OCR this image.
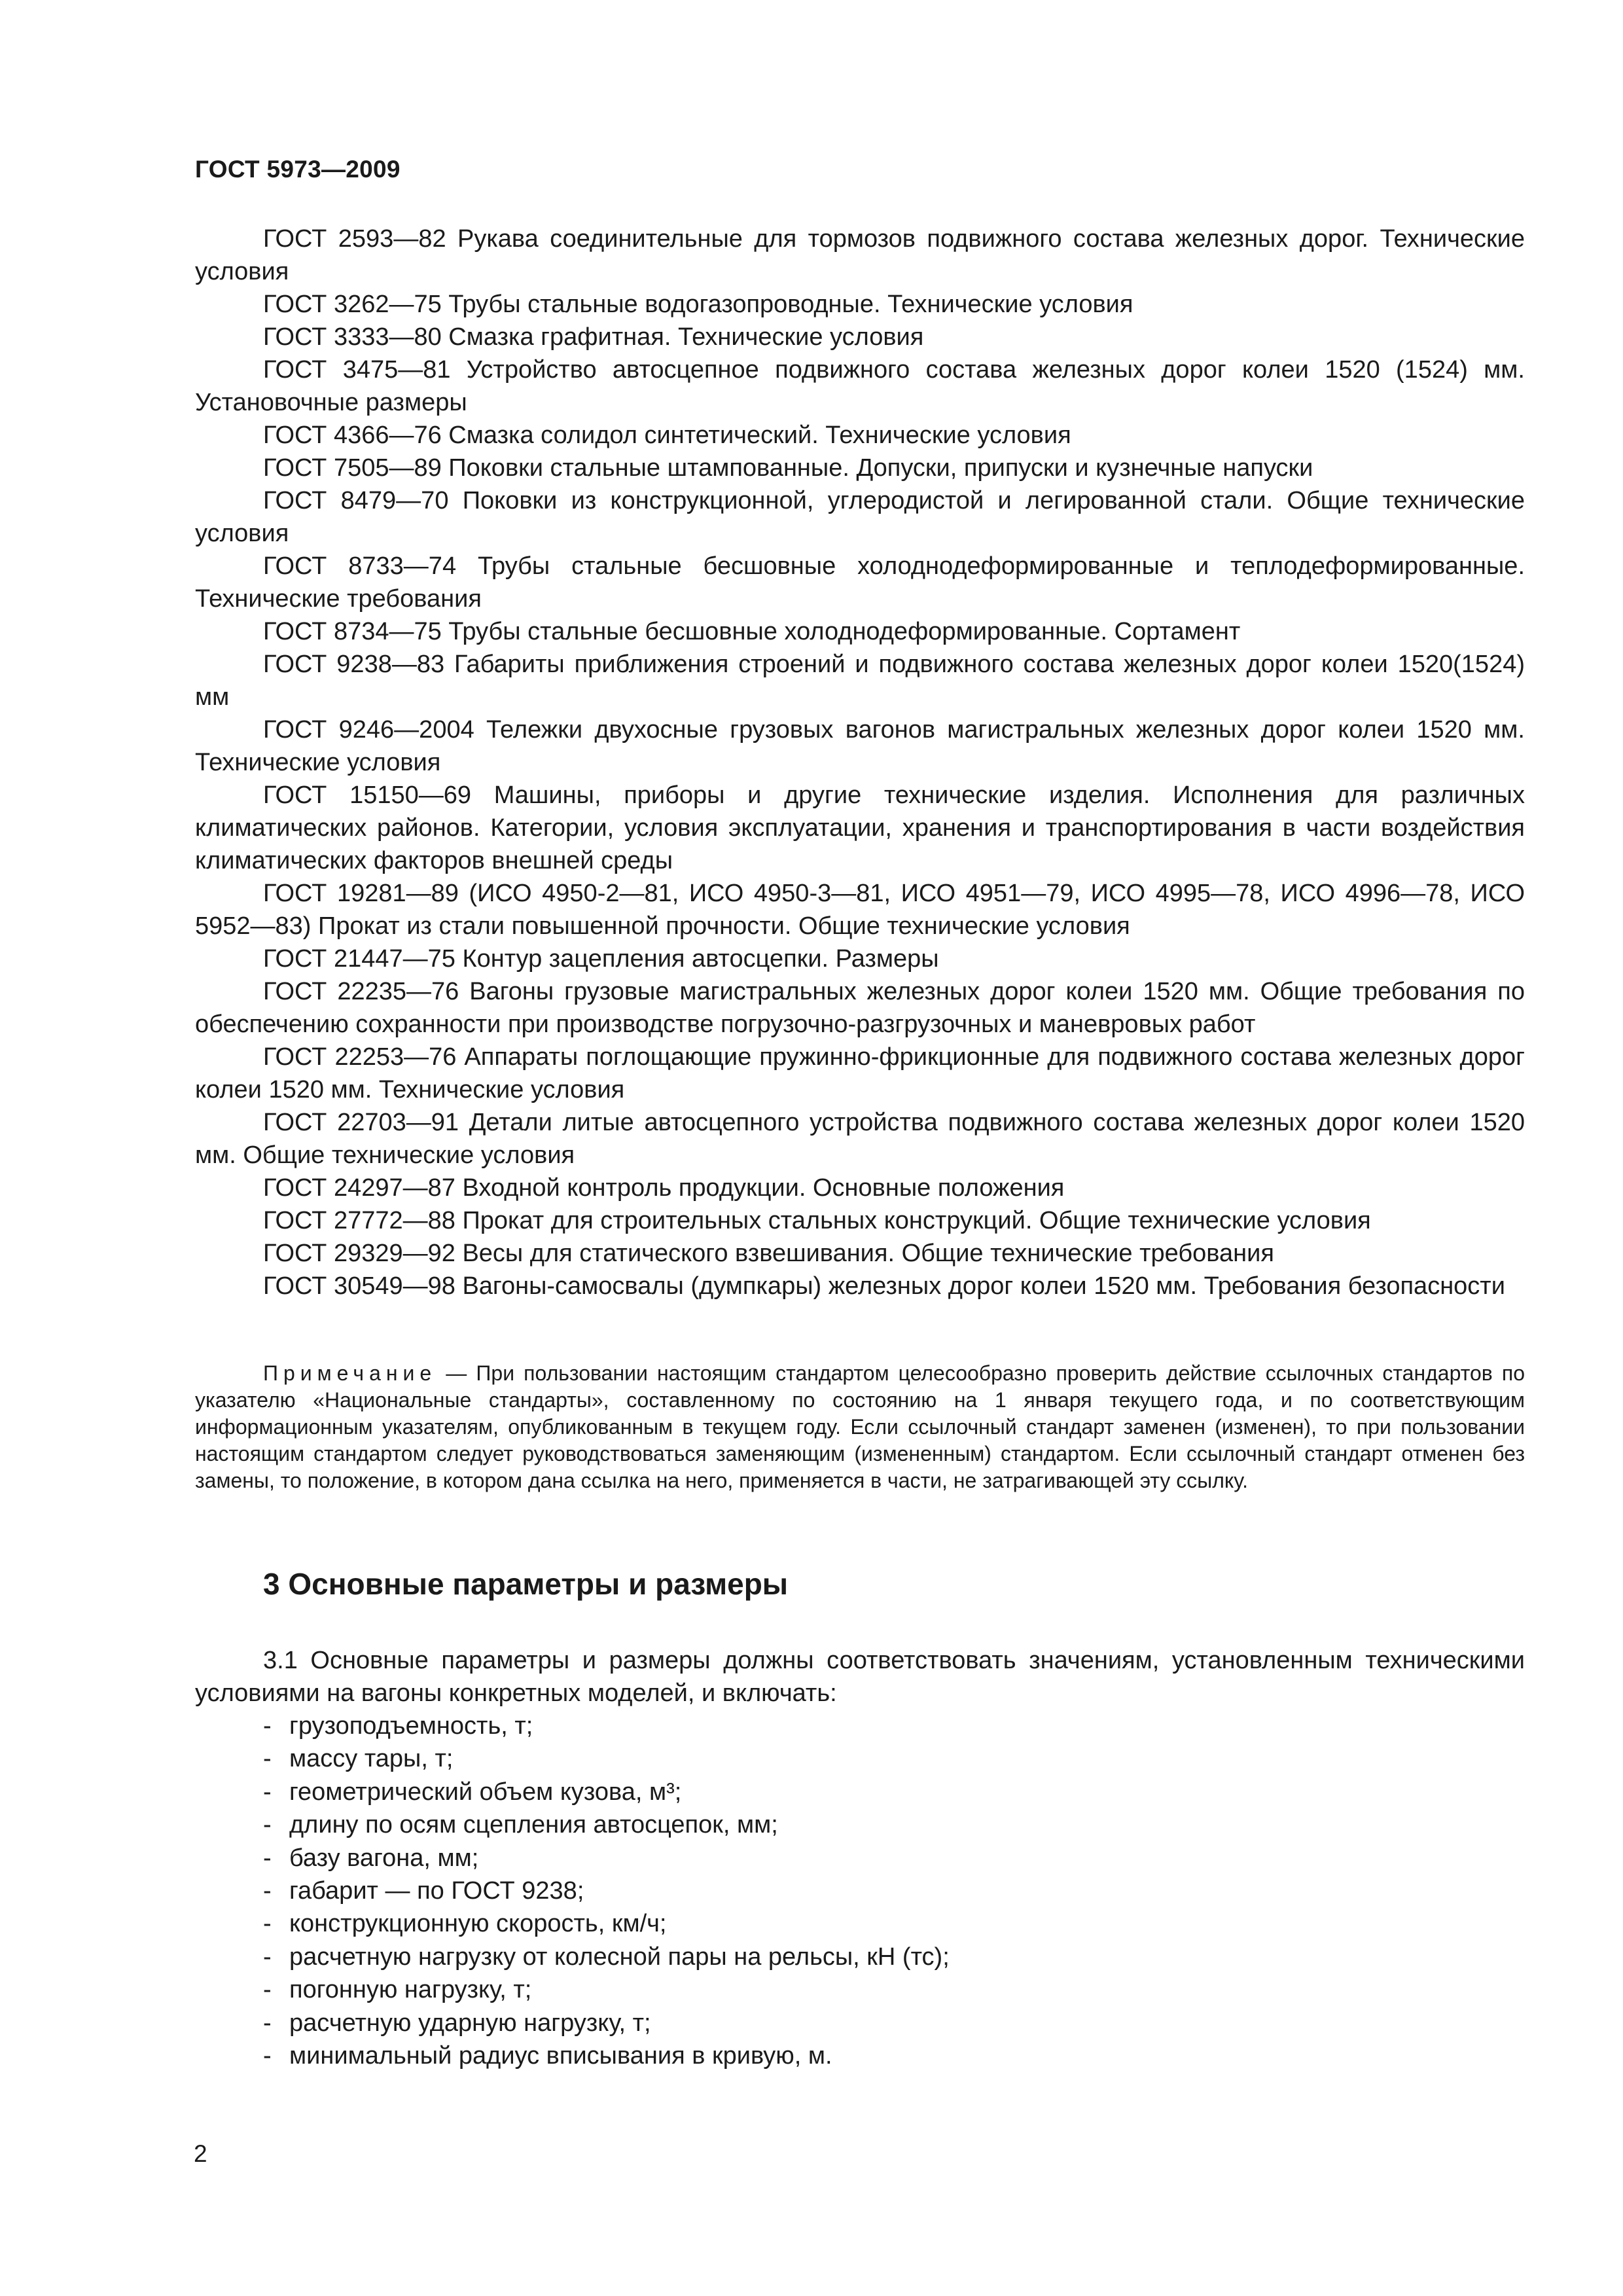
ГОСТ 5973—2009

ГОСТ 2593—82 Рукава соединительные для тормозов подвижного состава железных дорог. Технические условия

ГОСТ 3262—75 Трубы стальные водогазопроводные. Технические условия

ГОСТ 3333—80 Смазка графитная. Технические условия

ГОСТ 3475—81 Устройство автосцепное подвижного состава железных дорог колеи 1520 (1524) мм. Установочные размеры

ГОСТ 4366—76 Смазка солидол синтетический. Технические условия

ГОСТ 7505—89 Поковки стальные штампованные. Допуски, припуски и кузнечные напуски

ГОСТ 8479—70 Поковки из конструкционной, углеродистой и легированной стали. Общие технические условия

ГОСТ 8733—74 Трубы стальные бесшовные холоднодеформированные и теплодеформированные. Технические требования

ГОСТ 8734—75 Трубы стальные бесшовные холоднодеформированные. Сортамент

ГОСТ 9238—83 Габариты приближения строений и подвижного состава железных дорог колеи 1520(1524) мм

ГОСТ 9246—2004 Тележки двухосные грузовых вагонов магистральных железных дорог колеи 1520 мм. Технические условия

ГОСТ 15150—69 Машины, приборы и другие технические изделия. Исполнения для различных климатических районов. Категории, условия эксплуатации, хранения и транспортирования в части воздействия климатических факторов внешней среды

ГОСТ 19281—89 (ИСО 4950-2—81, ИСО 4950-3—81, ИСО 4951—79, ИСО 4995—78, ИСО 4996—78, ИСО 5952—83) Прокат из стали повышенной прочности. Общие технические условия

ГОСТ 21447—75 Контур зацепления автосцепки. Размеры

ГОСТ 22235—76 Вагоны грузовые магистральных железных дорог колеи 1520 мм. Общие требования по обеспечению сохранности при производстве погрузочно-разгрузочных и маневровых работ

ГОСТ 22253—76 Аппараты поглощающие пружинно-фрикционные для подвижного состава железных дорог колеи 1520 мм. Технические условия

ГОСТ 22703—91 Детали литые автосцепного устройства подвижного состава железных дорог колеи 1520 мм. Общие технические условия

ГОСТ 24297—87 Входной контроль продукции. Основные положения

ГОСТ 27772—88 Прокат для строительных стальных конструкций. Общие технические условия

ГОСТ 29329—92 Весы для статического взвешивания. Общие технические требования

ГОСТ 30549—98 Вагоны-самосвалы (думпкары) железных дорог колеи 1520 мм. Требования безопасности

Примечание — При пользовании настоящим стандартом целесообразно проверить действие ссылочных стандартов по указателю «Национальные стандарты», составленному по состоянию на 1 января текущего года, и по соответствующим информационным указателям, опубликованным в текущем году. Если ссылочный стандарт заменен (изменен), то при пользовании настоящим стандартом следует руководствоваться заменяющим (измененным) стандартом. Если ссылочный стандарт отменен без замены, то положение, в котором дана ссылка на него, применяется в части, не затрагивающей эту ссылку.

3 Основные параметры и размеры

3.1 Основные параметры и размеры должны соответствовать значениям, установленным техническими условиями на вагоны конкретных моделей, и включать:

- грузоподъемность, т;
- массу тары, т;
- геометрический объем кузова, м³;
- длину по осям сцепления автосцепок, мм;
- базу вагона, мм;
- габарит — по ГОСТ 9238;
- конструкционную скорость, км/ч;
- расчетную нагрузку от колесной пары на рельсы, кН (тс);
- погонную нагрузку, т;
- расчетную ударную нагрузку, т;
- минимальный радиус вписывания в кривую, м.
2
